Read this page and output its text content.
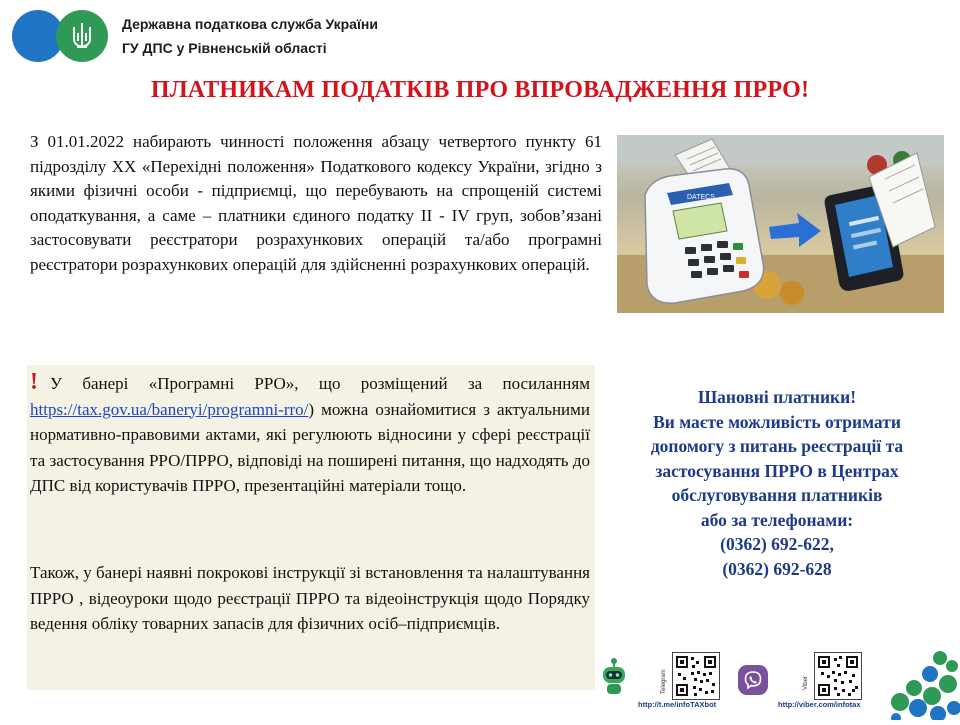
Державна податкова служба України
ГУ ДПС у Рівненській області
ПЛАТНИКАМ ПОДАТКІВ ПРО ВПРОВАДЖЕННЯ ПРРО!
З 01.01.2022 набирають чинності положення абзацу четвертого пункту 61 підрозділу ХХ «Перехідні положення» Податкового кодексу України, згідно з якими фізичні особи - підприємці, що перебувають на спрощеній системі оподаткування, а саме – платники єдиного податку ІІ - IV груп, зобов’язані застосовувати реєстратори розрахункових операцій та/або програмні реєстратори розрахункових операцій для здійсненні розрахункових операцій.
DATECS
! У банері «Програмні РРО», що розміщений за посиланням https://tax.gov.ua/baneryi/programni-rro/) можна ознайомитися з актуальними нормативно-правовими актами, які регулюють відносини у сфері реєстрації та застосування РРО/ПРРО, відповіді на поширені питання, що надходять до ДПС від користувачів ПРРО, презентаційні матеріали тощо.
Також, у банері наявні покрокові інструкції зі встановлення та налаштування ПРРО , відеоуроки щодо реєстрації ПРРО та відеоінструкція щодо Порядку ведення обліку товарних запасів для фізичних осіб–підприємців.
Шановні платники!
Ви маєте можливість отримати
допомогу з питань реєстрації та
застосування ПРРО в Центрах
обслуговування платників
або за телефонами:
(0362) 692-622,
(0362) 692-628
Telegram
http://t.me/infoTAXbot
Viber
http://viber.com/infotax
